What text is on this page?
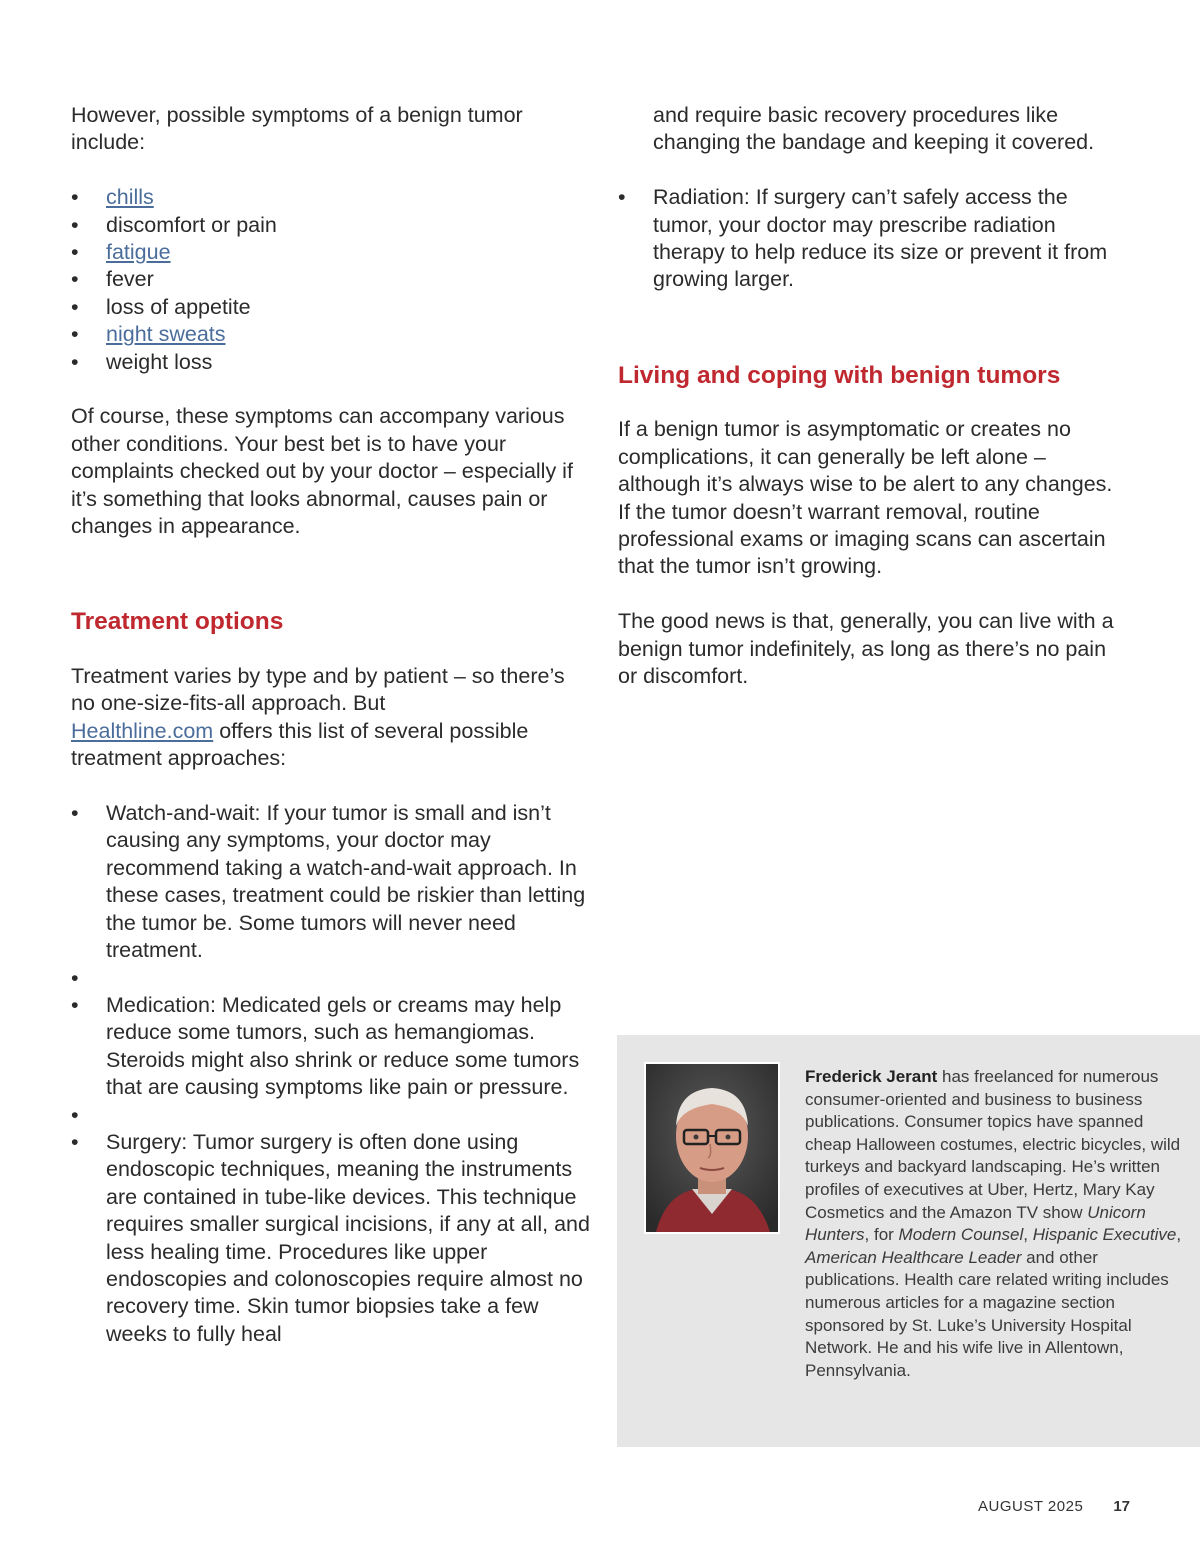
However, possible symptoms of a benign tumor include:

• chills
• discomfort or pain
• fatigue
• fever
• loss of appetite
• night sweats
• weight loss

Of course, these symptoms can accompany various other conditions. Your best bet is to have your complaints checked out by your doctor – especially if it’s something that looks abnormal, causes pain or changes in appearance.

Treatment options

Treatment varies by type and by patient – so there’s no one-size-fits-all approach. But
Healthline.com offers this list of several possible treatment approaches:

• Watch-and-wait: If your tumor is small and isn’t causing any symptoms, your doctor may recommend taking a watch-and-wait approach. In these cases, treatment could be riskier than letting the tumor be. Some tumors will never need treatment.
•
• Medication: Medicated gels or creams may help reduce some tumors, such as hemangiomas. Steroids might also shrink or reduce some tumors that are causing symptoms like pain or pressure.
•
• Surgery: Tumor surgery is often done using endoscopic techniques, meaning the instruments are contained in tube-like devices. This technique requires smaller surgical incisions, if any at all, and less healing time. Procedures like upper endoscopies and colonoscopies require almost no recovery time. Skin tumor biopsies take a few weeks to fully heal

and require basic recovery procedures like changing the bandage and keeping it covered.

• Radiation: If surgery can’t safely access the tumor, your doctor may prescribe radiation therapy to help reduce its size or prevent it from growing larger.
Living and coping with benign tumors

If a benign tumor is asymptomatic or creates no complications, it can generally be left alone – although it’s always wise to be alert to any changes. If the tumor doesn’t warrant removal, routine professional exams or imaging scans can ascertain that the tumor isn’t growing.

The good news is that, generally, you can live with a benign tumor indefinitely, as long as there’s no pain or discomfort.

Frederick Jerant has freelanced for numerous consumer-oriented and business to business publications. Consumer topics have spanned cheap Halloween costumes, electric bicycles, wild turkeys and backyard landscaping. He’s written profiles of executives at Uber, Hertz, Mary Kay Cosmetics and the Amazon TV show Unicorn Hunters, for Modern Counsel, Hispanic Executive, American Healthcare Leader and other publications. Health care related writing includes numerous articles for a magazine section sponsored by St. Luke’s University Hospital Network. He and his wife live in Allentown, Pennsylvania.
AUGUST 2025 17
